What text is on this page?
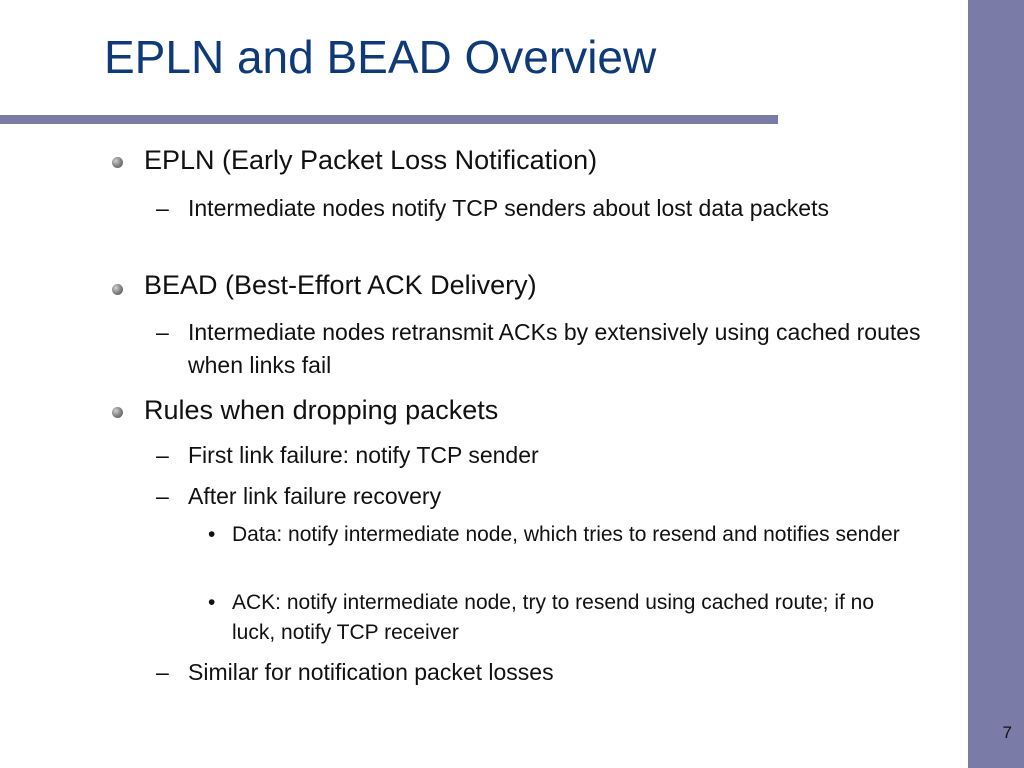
EPLN and BEAD Overview
EPLN (Early Packet Loss Notification)
– Intermediate nodes notify TCP senders about lost data packets
BEAD (Best-Effort ACK Delivery)
– Intermediate nodes retransmit ACKs by extensively using cached routes when links fail
Rules when dropping packets
– First link failure: notify TCP sender
– After link failure recovery
• Data: notify intermediate node, which tries to resend and notifies sender
• ACK: notify intermediate node, try to resend using cached route; if no luck, notify TCP receiver
– Similar for notification packet losses
7
